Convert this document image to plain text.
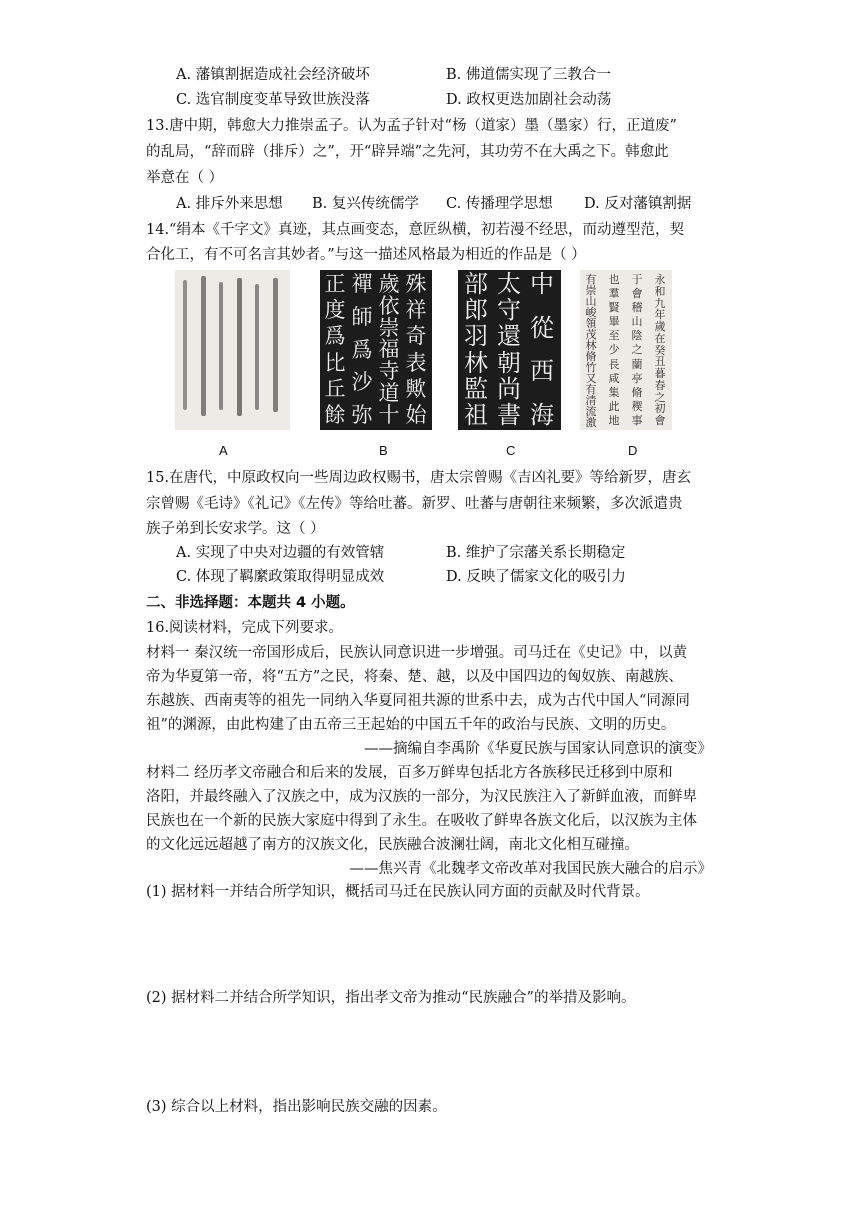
A. 藩镇割据造成社会经济破坏	B. 佛道儒实现了三教合一
C. 选官制度变革导致世族没落	D. 政权更迭加剧社会动荡
13.唐中期，韩愈大力推崇孟子。认为孟子针对“杨（道家）墨（墨家）行，正道废”
的乱局，“辞而辟（排斥）之”，开“辟异端”之先河，其功劳不在大禹之下。韩愈此
举意在（ ）
A. 排斥外来思想 B. 复兴传统儒学 C. 传播理学思想 D. 反对藩镇割据
14.“绢本《千字文》真迹，其点画变态，意匠纵横，初若漫不经思，而动遵型范，契
合化工，有不可名言其妙者。”与这一描述风格最为相近的作品是（ ）
A
殊
祥
奇
表
歟
始
歲
依
崇
福
寺
道
十
禪
師
爲
沙
弥
正
度
爲
比
丘
餘
B
中
從
西
海
太
守
還
朝
尚
書
部
郎
羽
林
監
祖
C
永
和
九
年
歲
在
癸
丑
暮
春
之
初
會
于
會
稽
山
陰
之
蘭
亭
脩
稧
事
也
羣
賢
畢
至
少
長
咸
集
此
地
有
崇
山
峻
領
茂
林
脩
竹
又
有
清
流
激
D
15.在唐代，中原政权向一些周边政权赐书，唐太宗曾赐《吉凶礼要》等给新罗，唐玄
宗曾赐《毛诗》《礼记》《左传》等给吐蕃。新罗、吐蕃与唐朝往来频繁，多次派遣贵
族子弟到长安求学。这（ ）
A. 实现了中央对边疆的有效管辖	B. 维护了宗藩关系长期稳定
C. 体现了羁縻政策取得明显成效	D. 反映了儒家文化的吸引力
二、非选择题：本题共 4 小题。
16.阅读材料，完成下列要求。
材料一 秦汉统一帝国形成后，民族认同意识进一步增强。司马迁在《史记》中，以黄
帝为华夏第一帝，将“五方”之民，将秦、楚、越，以及中国四边的匈奴族、南越族、
东越族、西南夷等的祖先一同纳入华夏同祖共源的世系中去，成为古代中国人“同源同
祖”的渊源，由此构建了由五帝三王起始的中国五千年的政治与民族、文明的历史。
——摘编自李禹阶《华夏民族与国家认同意识的演变》
材料二 经历孝文帝融合和后来的发展，百多万鲜卑包括北方各族移民迁移到中原和
洛阳，并最终融入了汉族之中，成为汉族的一部分，为汉民族注入了新鲜血液，而鲜卑
民族也在一个新的民族大家庭中得到了永生。在吸收了鲜卑各族文化后，以汉族为主体
的文化远远超越了南方的汉族文化，民族融合波澜壮阔，南北文化相互碰撞。
——焦兴青《北魏孝文帝改革对我国民族大融合的启示》
(1) 据材料一并结合所学知识，概括司马迁在民族认同方面的贡献及时代背景。
(2) 据材料二并结合所学知识，指出孝文帝为推动“民族融合”的举措及影响。
(3) 综合以上材料，指出影响民族交融的因素。
